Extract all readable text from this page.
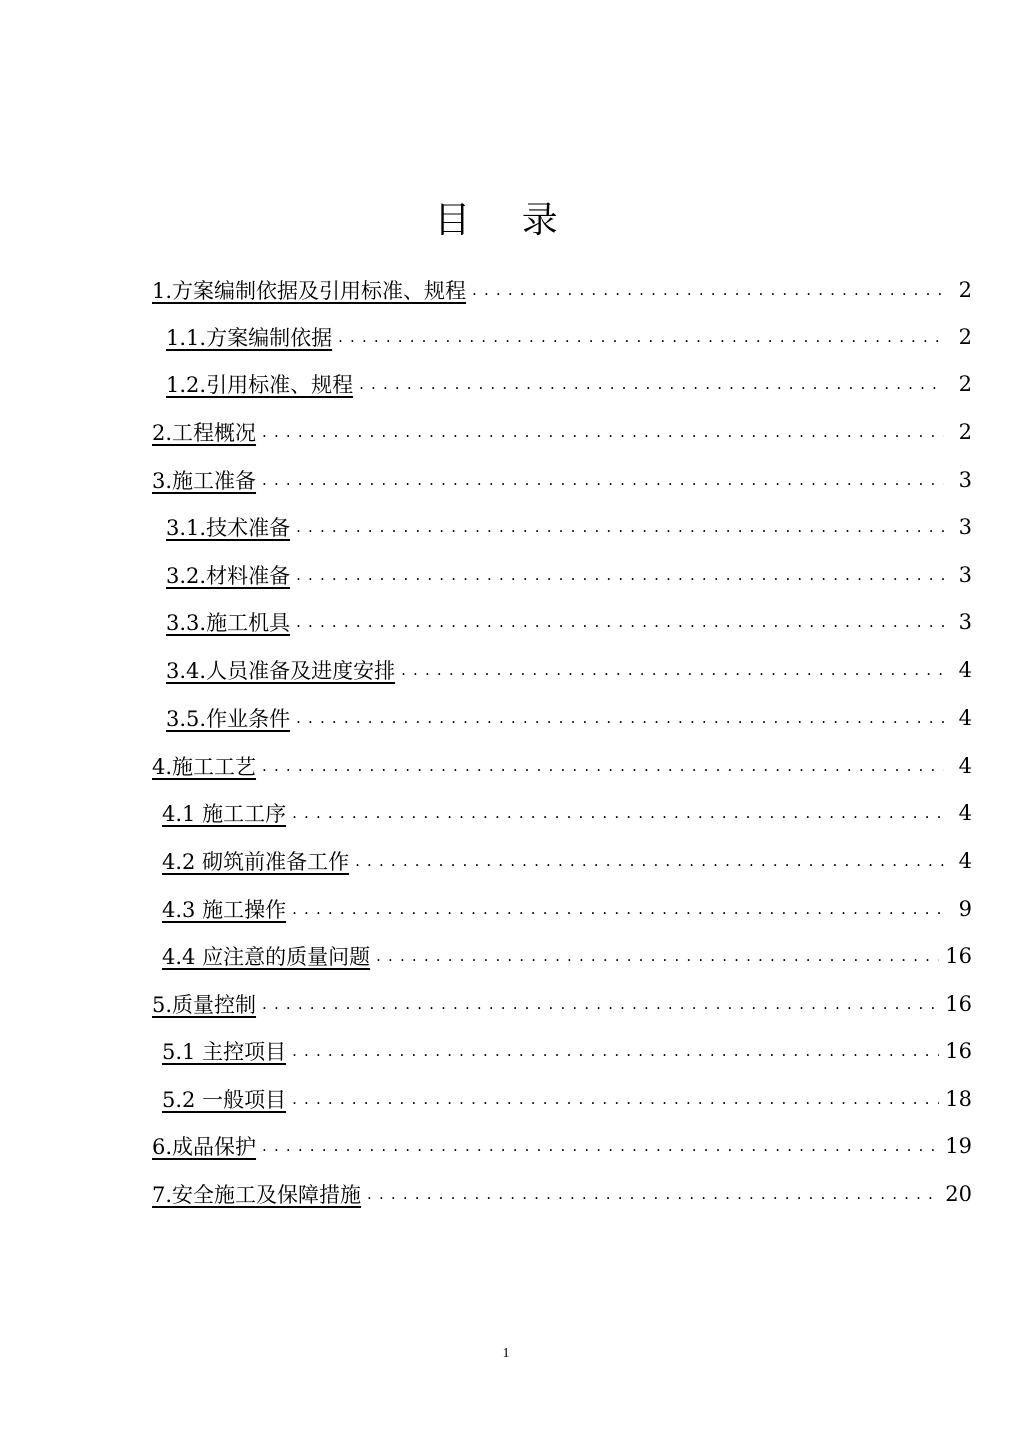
目 录
1.方案编制依据及引用标准、规程 . . .	2
1.1.方案编制依据 . . .	2
1.2.引用标准、规程 . . .	2
2.工程概况 . . .	2
3.施工准备 . . .	3
3.1.技术准备 . . .	3
3.2.材料准备 . . .	3
3.3.施工机具 . . .	3
3.4.人员准备及进度安排 . . .	4
3.5.作业条件 . . .	4
4.施工工艺 . . .	4
4.1 施工工序 . . .	4
4.2 砌筑前准备工作 . . .	4
4.3 施工操作 . . .	9
4.4 应注意的质量问题 . . .	16
5.质量控制 . . .	16
5.1 主控项目 . . .	16
5.2 一般项目 . . .	18
6.成品保护 . . .	19
7.安全施工及保障措施 . . .	20
1
